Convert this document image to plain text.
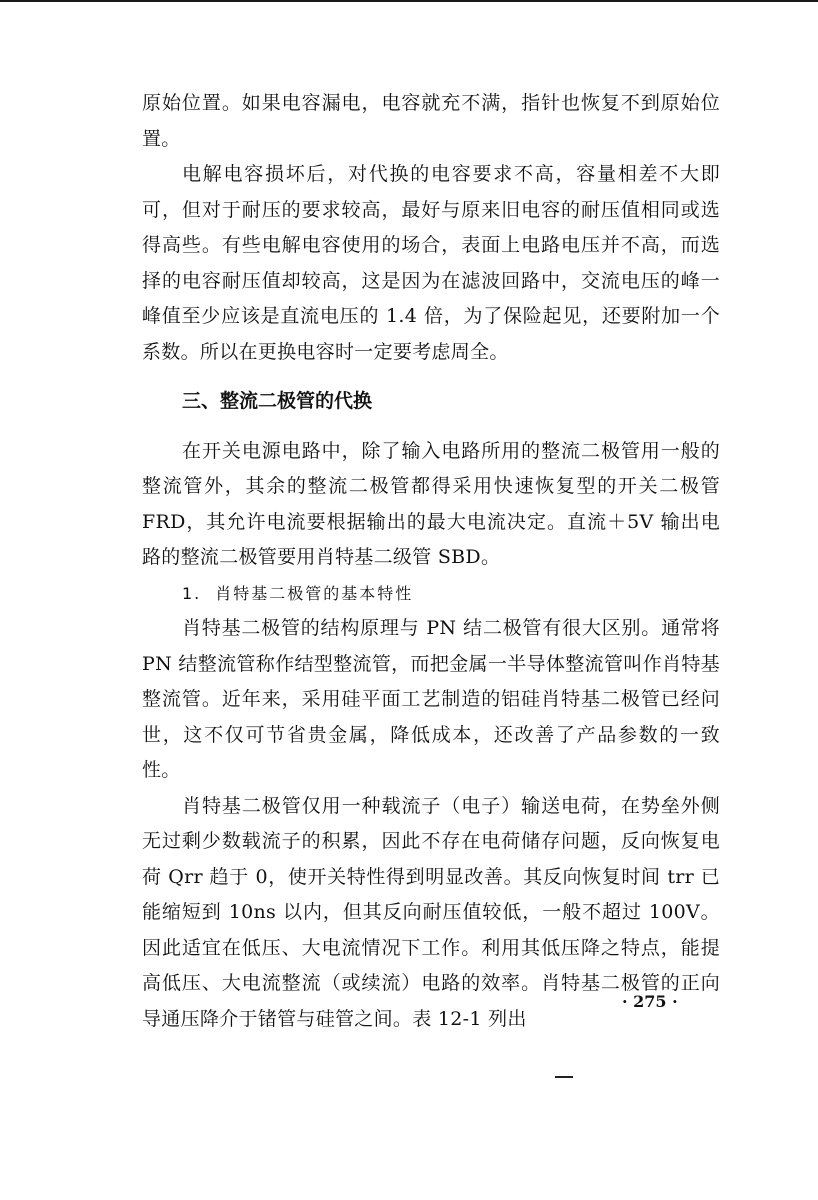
原始位置。如果电容漏电，电容就充不满，指针也恢复不到原始位置。

电解电容损坏后，对代换的电容要求不高，容量相差不大即可，但对于耐压的要求较高，最好与原来旧电容的耐压值相同或选得高些。有些电解电容使用的场合，表面上电路电压并不高，而选择的电容耐压值却较高，这是因为在滤波回路中，交流电压的峰一峰值至少应该是直流电压的 1.4 倍，为了保险起见，还要附加一个系数。所以在更换电容时一定要考虑周全。

三、整流二极管的代换

在开关电源电路中，除了输入电路所用的整流二极管用一般的整流管外，其余的整流二极管都得采用快速恢复型的开关二极管 FRD，其允许电流要根据输出的最大电流决定。直流＋5V 输出电路的整流二极管要用肖特基二级管 SBD。

1. 肖特基二极管的基本特性

肖特基二极管的结构原理与 PN 结二极管有很大区别。通常将 PN 结整流管称作结型整流管，而把金属一半导体整流管叫作肖特基整流管。近年来，采用硅平面工艺制造的铝硅肖特基二极管已经问世，这不仅可节省贵金属，降低成本，还改善了产品参数的一致性。

肖特基二极管仅用一种载流子（电子）输送电荷，在势垒外侧无过剩少数载流子的积累，因此不存在电荷储存问题，反向恢复电荷 Qrr 趋于 0，使开关特性得到明显改善。其反向恢复时间 trr 已能缩短到 10ns 以内，但其反向耐压值较低，一般不超过 100V。因此适宜在低压、大电流情况下工作。利用其低压降之特点，能提高低压、大电流整流（或续流）电路的效率。肖特基二极管的正向导通压降介于锗管与硅管之间。表 12-1 列出

· 275 ·
